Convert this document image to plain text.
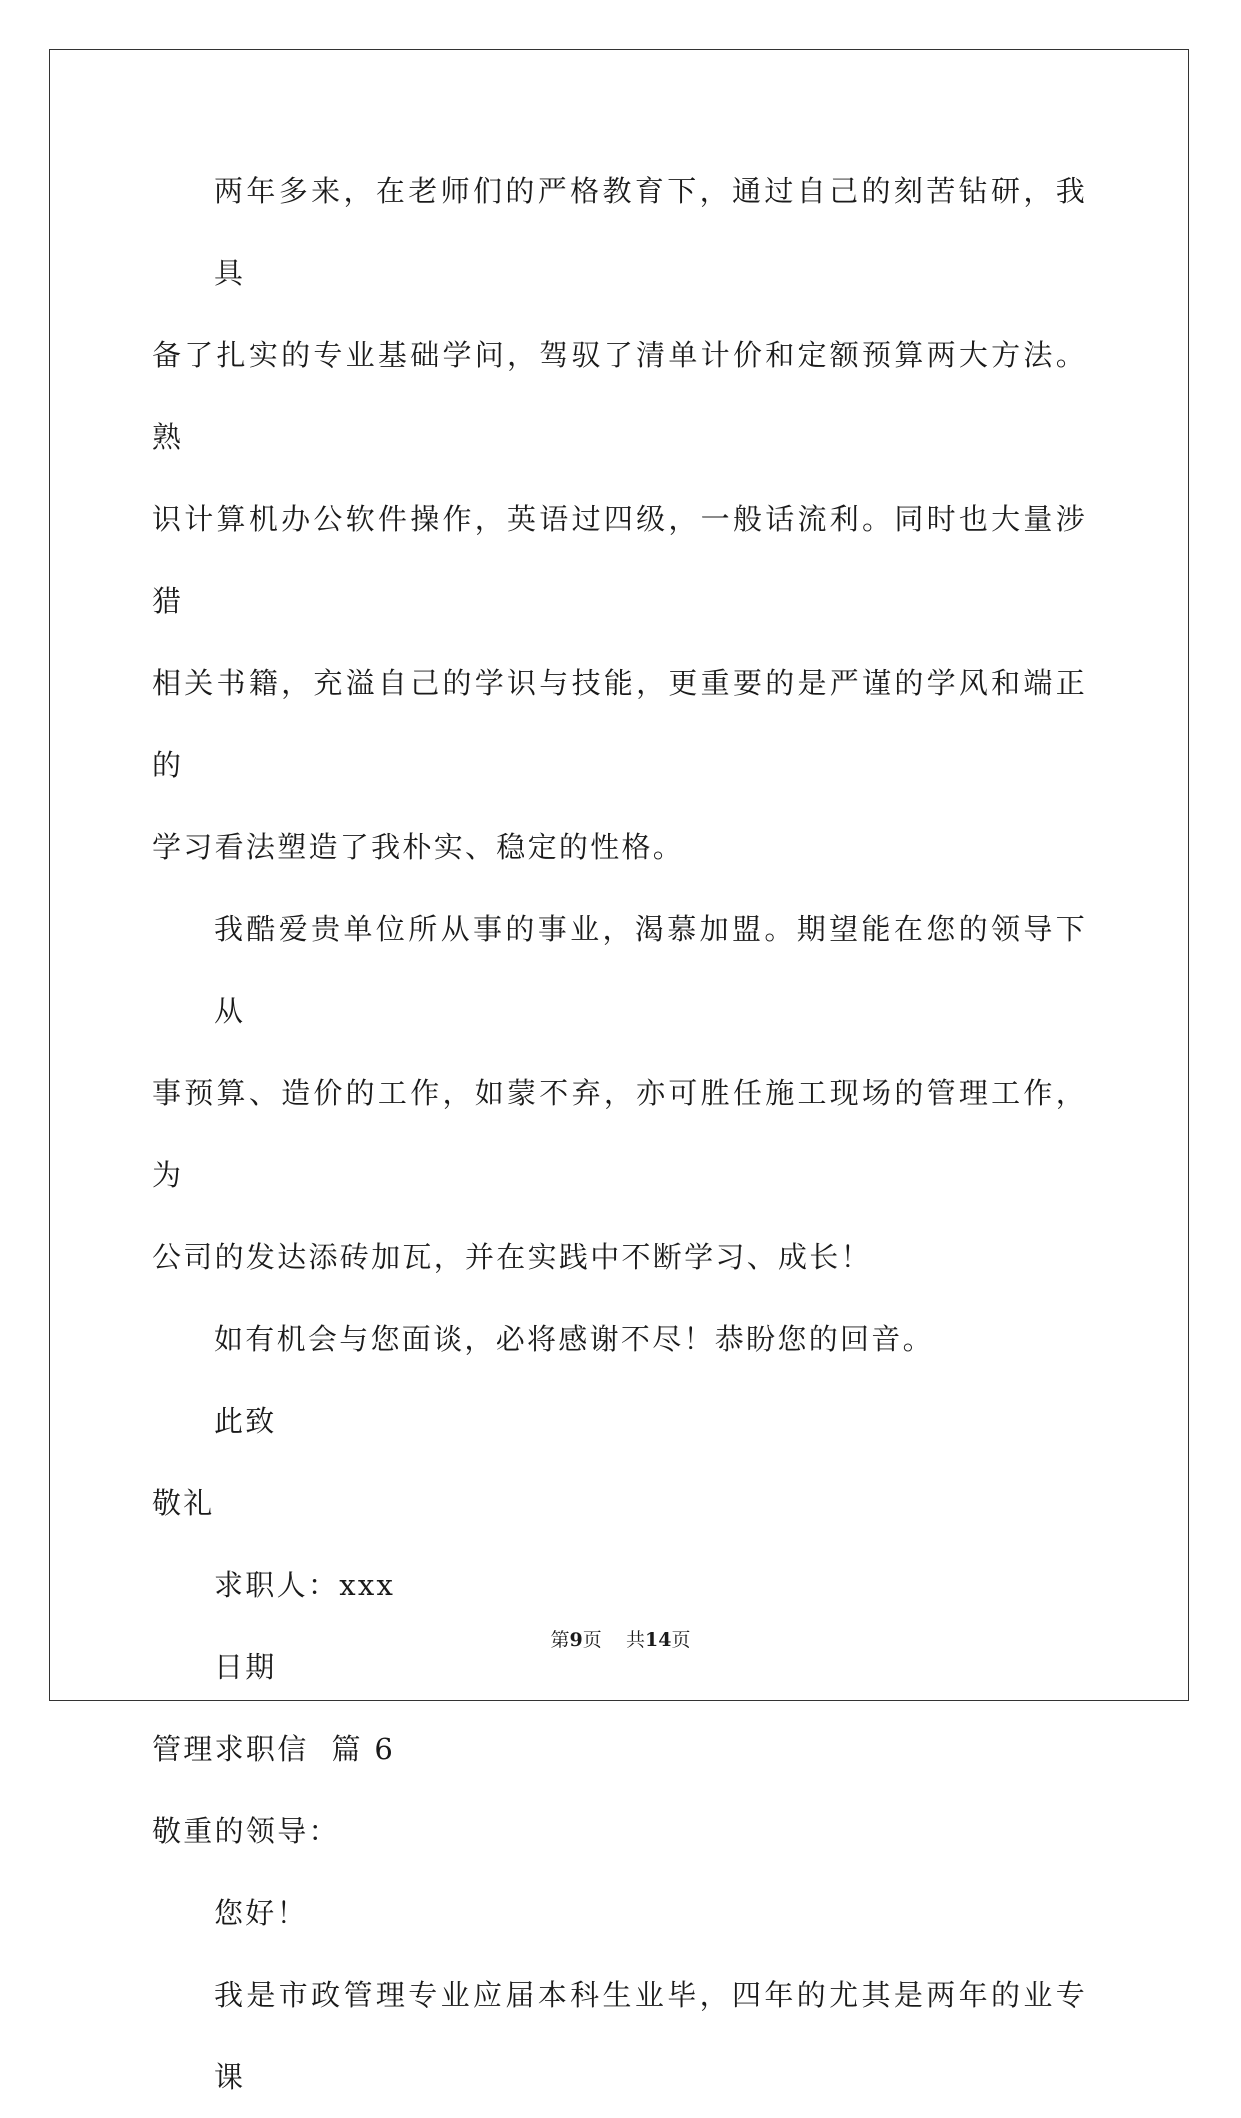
两年多来，在老师们的严格教育下，通过自己的刻苦钻研，我具
备了扎实的专业基础学问，驾驭了清单计价和定额预算两大方法。熟
识计算机办公软件操作，英语过四级，一般话流利。同时也大量涉猎
相关书籍，充溢自己的学识与技能，更重要的是严谨的学风和端正的
学习看法塑造了我朴实、稳定的性格。
我酷爱贵单位所从事的事业，渴慕加盟。期望能在您的领导下从
事预算、造价的工作，如蒙不弃，亦可胜任施工现场的管理工作，为
公司的发达添砖加瓦，并在实践中不断学习、成长！
如有机会与您面谈，必将感谢不尽！恭盼您的回音。
此致
敬礼
求职人：xxx
日期
管理求职信  篇 6
敬重的领导：
您好！
我是市政管理专业应届本科生业毕，四年的尤其是两年的业专课
第9页 共14页
